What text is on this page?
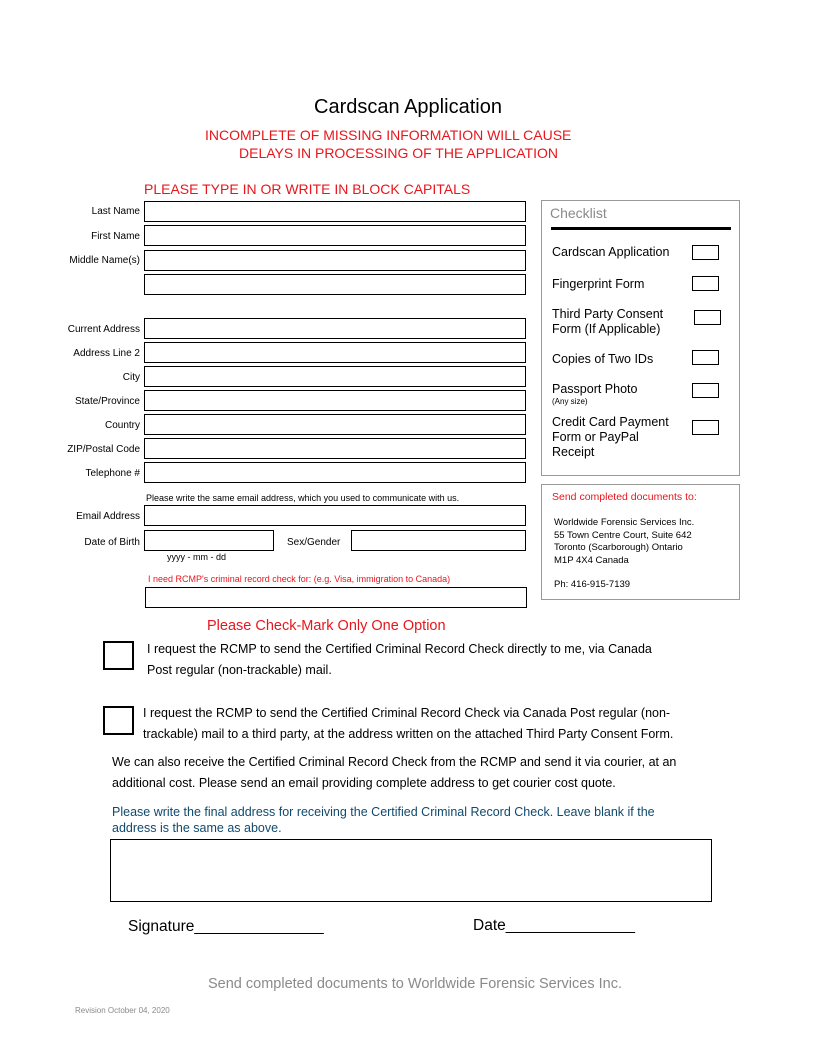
Cardscan Application
INCOMPLETE OF MISSING INFORMATION WILL CAUSE
DELAYS IN PROCESSING OF THE APPLICATION
PLEASE TYPE IN OR WRITE IN BLOCK CAPITALS
Last Name
First Name
Middle Name(s)
Current Address
Address Line 2
City
State/Province
Country
ZIP/Postal Code
Telephone #
Please write the same email address, which you used to communicate with us.
Email Address
Date of Birth
yyyy - mm - dd
Sex/Gender
I need RCMP's criminal record check for: (e.g. Visa, immigration to Canada)
Checklist
Cardscan Application
Fingerprint Form
Third Party Consent
Form (If Applicable)
Copies of Two IDs
Passport Photo
(Any size)
Credit Card Payment
Form or PayPal
Receipt
Send completed documents to:
Worldwide Forensic Services Inc.
55 Town Centre Court, Suite 642
Toronto (Scarborough) Ontario
M1P 4X4 Canada
Ph: 416-915-7139
Please Check-Mark Only One Option
I request the RCMP to send the Certified Criminal Record Check directly to me, via Canada
Post regular (non-trackable) mail.
I request the RCMP to send the Certified Criminal Record Check via Canada Post regular (non-
trackable) mail to a third party, at the address written on the attached Third Party Consent Form.
We can also receive the Certified Criminal Record Check from the RCMP and send it via courier, at an
additional cost. Please send an email providing complete address to get courier cost quote.
Please write the final address for receiving the Certified Criminal Record Check. Leave blank if the
address is the same as above.
Signature_______________	Date_______________
Send completed documents to Worldwide Forensic Services Inc.
Revision October 04, 2020
